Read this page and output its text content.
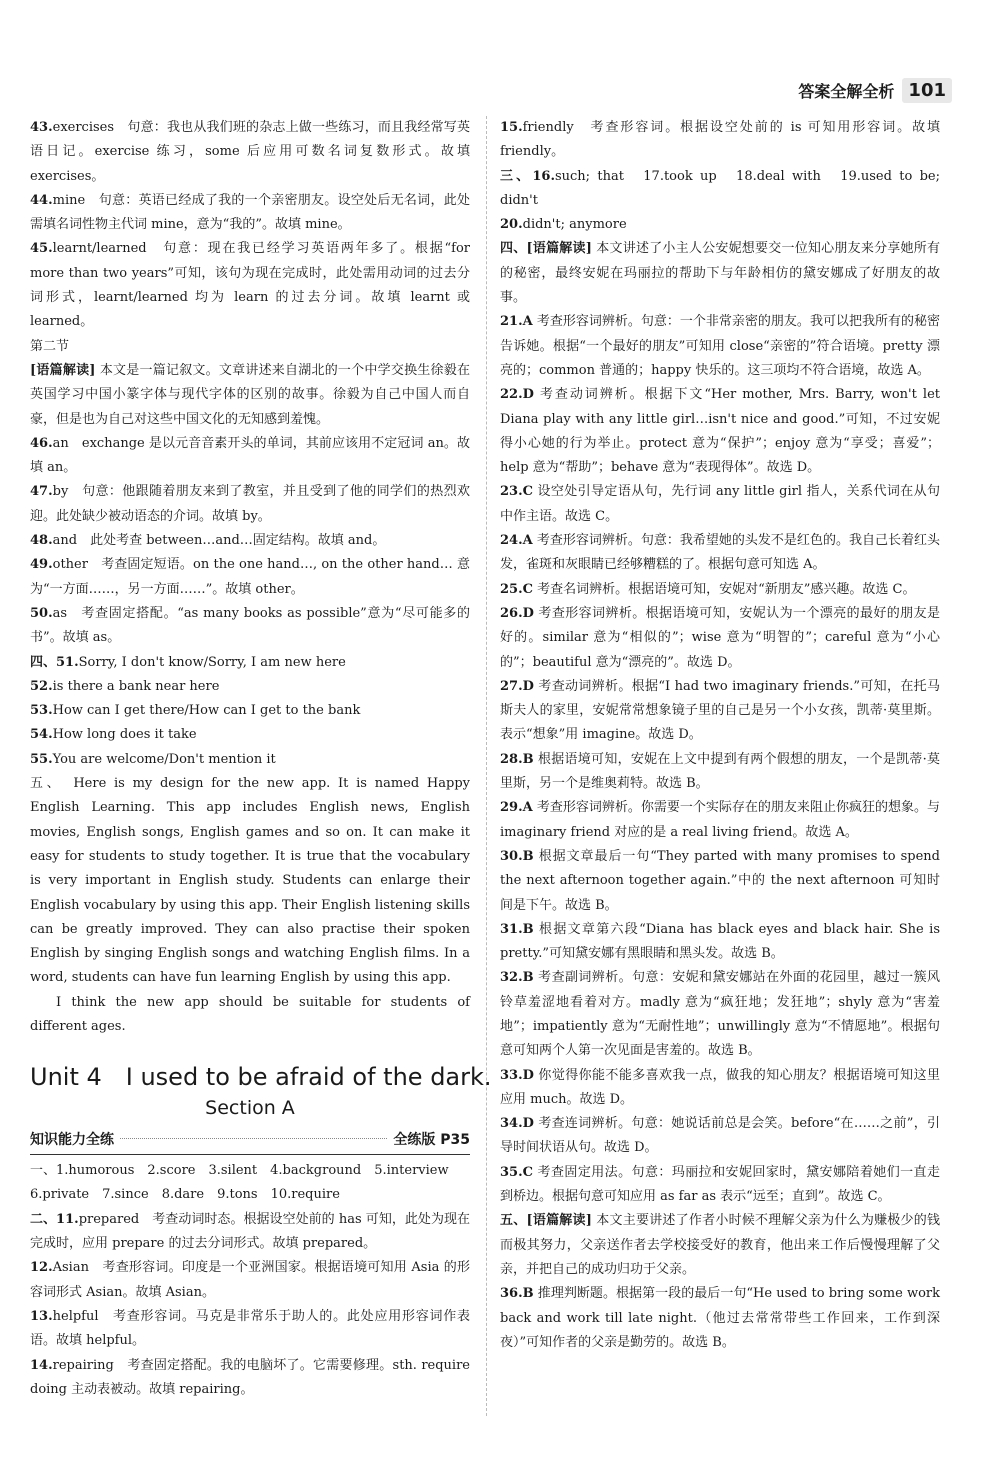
答案全解全析 101

43.exercises　句意：我也从我们班的杂志上做一些练习，而且我经常写英语日记。exercise 练习，some 后应用可数名词复数形式。故填 exercises。

44.mine　句意：英语已经成了我的一个亲密朋友。设空处后无名词，此处需填名词性物主代词 mine，意为“我的”。故填 mine。

45.learnt/learned　句意：现在我已经学习英语两年多了。根据“for more than two years”可知，该句为现在完成时，此处需用动词的过去分词形式，learnt/learned 均为 learn 的过去分词。故填 learnt 或 learned。

第二节

[语篇解读] 本文是一篇记叙文。文章讲述来自湖北的一个中学交换生徐毅在英国学习中国小篆字体与现代字体的区别的故事。徐毅为自己中国人而自豪，但是也为自己对这些中国文化的无知感到羞愧。

46.an　exchange 是以元音音素开头的单词，其前应该用不定冠词 an。故填 an。

47.by　句意：他跟随着朋友来到了教室，并且受到了他的同学们的热烈欢迎。此处缺少被动语态的介词。故填 by。

48.and　此处考查 between…and…固定结构。故填 and。

49.other　考查固定短语。on the one hand…, on the other hand… 意为“一方面……，另一方面……”。故填 other。

50.as　考查固定搭配。“as many books as possible”意为“尽可能多的书”。故填 as。

四、51.Sorry, I don't know/Sorry, I am new here

52.is there a bank near here

53.How can I get there/How can I get to the bank

54.How long does it take

55.You are welcome/Don't mention it

五、　 Here is my design for the new app. It is named Happy English Learning. This app includes English news, English movies, English songs, English games and so on. It can make it easy for students to study together. It is true that the vocabulary is very important in English study. Students can enlarge their English vocabulary by using this app. Their English listening skills can be greatly improved. They can also practise their spoken English by singing English songs and watching English films. In a word, students can have fun learning English by using this app.

I think the new app should be suitable for students of different ages.

Unit 4　I used to be afraid of the dark.
Section A
知识能力全练	全练版 P35

一、1.humorous　2.score　3.silent　4.background　5.interview

6.private　7.since　8.dare　9.tons　10.require

二、11.prepared　考查动词时态。根据设空处前的 has 可知，此处为现在完成时，应用 prepare 的过去分词形式。故填 prepared。

12.Asian　考查形容词。印度是一个亚洲国家。根据语境可知用 Asia 的形容词形式 Asian。故填 Asian。

13.helpful　考查形容词。马克是非常乐于助人的。此处应用形容词作表语。故填 helpful。

14.repairing　考查固定搭配。我的电脑坏了。它需要修理。sth. require doing 主动表被动。故填 repairing。

15.friendly　考查形容词。根据设空处前的 is 可知用形容词。故填 friendly。

三、16.such; that　17.took up　18.deal with　19.used to be; didn't

20.didn't; anymore

四、[语篇解读] 本文讲述了小主人公安妮想要交一位知心朋友来分享她所有的秘密，最终安妮在玛丽拉的帮助下与年龄相仿的黛安娜成了好朋友的故事。

21.A 考查形容词辨析。句意：一个非常亲密的朋友。我可以把我所有的秘密告诉她。根据“一个最好的朋友”可知用 close“亲密的”符合语境。pretty 漂亮的；common 普通的；happy 快乐的。这三项均不符合语境，故选 A。

22.D 考查动词辨析。根据下文“Her mother, Mrs. Barry, won't let Diana play with any little girl…isn't nice and good.”可知，不过安妮得小心她的行为举止。protect 意为“保护”；enjoy 意为“享受；喜爱”；help 意为“帮助”；behave 意为“表现得体”。故选 D。

23.C 设空处引导定语从句，先行词 any little girl 指人，关系代词在从句中作主语。故选 C。

24.A 考查形容词辨析。句意：我希望她的头发不是红色的。我自己长着红头发，雀斑和灰眼睛已经够糟糕的了。根据句意可知选 A。

25.C 考查名词辨析。根据语境可知，安妮对“新朋友”感兴趣。故选 C。

26.D 考查形容词辨析。根据语境可知，安妮认为一个漂亮的最好的朋友是好的。similar 意为“相似的”；wise 意为“明智的”；careful 意为“小心的”；beautiful 意为“漂亮的”。故选 D。

27.D 考查动词辨析。根据“I had two imaginary friends.”可知，在托马斯夫人的家里，安妮常常想象镜子里的自己是另一个小女孩，凯蒂·莫里斯。表示“想象”用 imagine。故选 D。

28.B 根据语境可知，安妮在上文中提到有两个假想的朋友，一个是凯蒂·莫里斯，另一个是维奥莉特。故选 B。

29.A 考查形容词辨析。你需要一个实际存在的朋友来阻止你疯狂的想象。与 imaginary friend 对应的是 a real living friend。故选 A。

30.B 根据文章最后一句“They parted with many promises to spend the next afternoon together again.”中的 the next afternoon 可知时间是下午。故选 B。

31.B 根据文章第六段“Diana has black eyes and black hair. She is pretty.”可知黛安娜有黑眼睛和黑头发。故选 B。

32.B 考查副词辨析。句意：安妮和黛安娜站在外面的花园里，越过一簇风铃草羞涩地看着对方。madly 意为“疯狂地；发狂地”；shyly 意为“害羞地”；impatiently 意为“无耐性地”；unwillingly 意为“不情愿地”。根据句意可知两个人第一次见面是害羞的。故选 B。

33.D 你觉得你能不能多喜欢我一点，做我的知心朋友？根据语境可知这里应用 much。故选 D。

34.D 考查连词辨析。句意：她说话前总是会笑。before“在……之前”，引导时间状语从句。故选 D。

35.C 考查固定用法。句意：玛丽拉和安妮回家时，黛安娜陪着她们一直走到桥边。根据句意可知应用 as far as 表示“远至；直到”。故选 C。

五、[语篇解读] 本文主要讲述了作者小时候不理解父亲为什么为赚极少的钱而极其努力，父亲送作者去学校接受好的教育，他出来工作后慢慢理解了父亲，并把自己的成功归功于父亲。

36.B 推理判断题。根据第一段的最后一句“He used to bring some work back and work till late night.（他过去常常带些工作回来，工作到深夜）”可知作者的父亲是勤劳的。故选 B。
